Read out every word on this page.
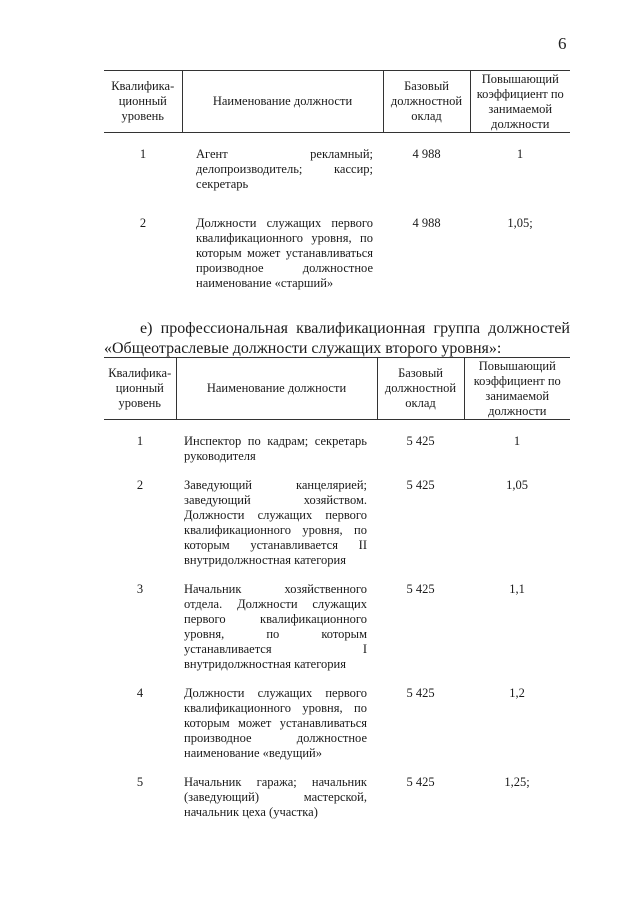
6
Квалифика-ционный уровень	Наименование должности	Базовый должностной оклад	Повышающий коэффициент по занимаемой должности
1	Агент рекламный; делопроизводитель; кассир; секретарь	4 988	1
2	Должности служащих первого квалификационного уровня, по которым может устанавливаться производное должностное наименование «старший»	4 988	1,05;

е) профессиональная квалификационная группа должностей «Общеотраслевые должности служащих второго уровня»:

Квалифика-ционный уровень	Наименование должности	Базовый должностной оклад	Повышающий коэффициент по занимаемой должности
1	Инспектор по кадрам; секретарь руководителя	5 425	1
2	Заведующий канцелярией; заведующий хозяйством. Должности служащих первого квалификационного уровня, по которым устанавливается II внутридолжностная категория	5 425	1,05
3	Начальник хозяйственного отдела. Должности служащих первого квалификационного уровня, по которым устанавливается I внутридолжностная категория	5 425	1,1
4	Должности служащих первого квалификационного уровня, по которым может устанавливаться производное должностное наименование «ведущий»	5 425	1,2
5	Начальник гаража; начальник (заведующий) мастерской, начальник цеха (участка)	5 425	1,25;
